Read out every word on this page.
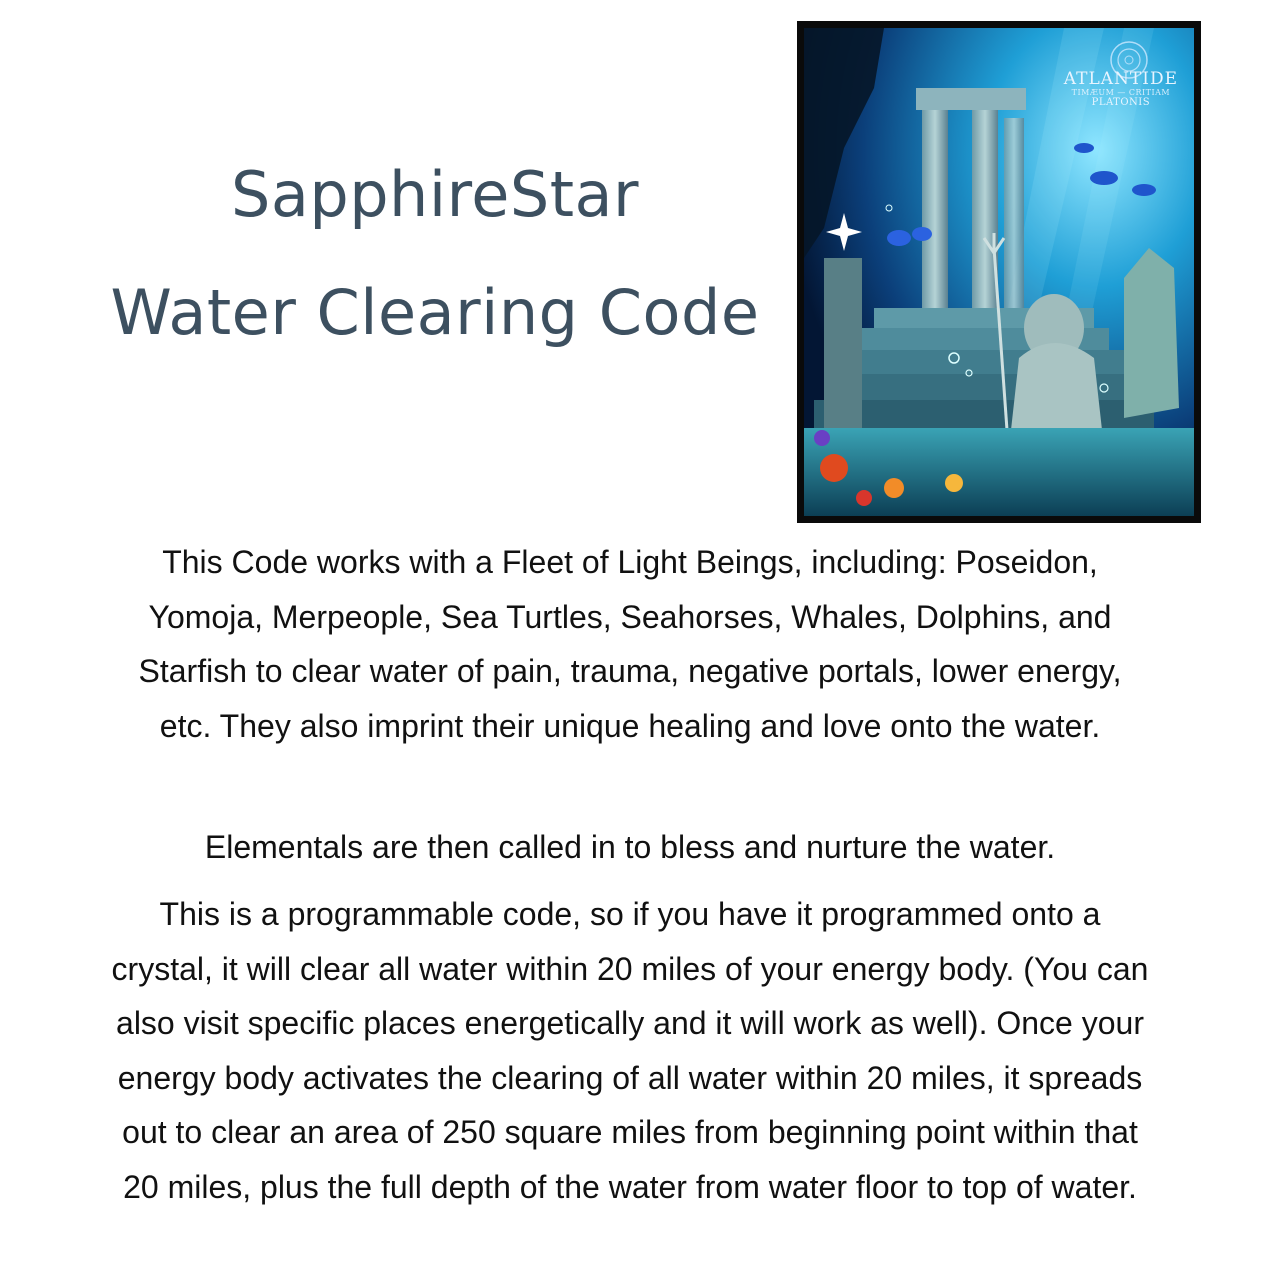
SapphireStar
Water Clearing Code
ATLANTIDE
TIMÆUM — CRITIAM
PLATONIS
This Code works with a Fleet of Light Beings, including: Poseidon, Yomoja, Merpeople, Sea Turtles, Seahorses, Whales, Dolphins, and Starfish to clear water of pain, trauma, negative portals, lower energy, etc. They also imprint their unique healing and love onto the water.
Elementals are then called in to bless and nurture the water.
This is a programmable code, so if you have it programmed onto a crystal, it will clear all water within 20 miles of your energy body. (You can also visit specific places energetically and it will work as well). Once your energy body activates the clearing of all water within 20 miles, it spreads out to clear an area of 250 square miles from beginning point within that 20 miles, plus the full depth of the water from water floor to top of water.
